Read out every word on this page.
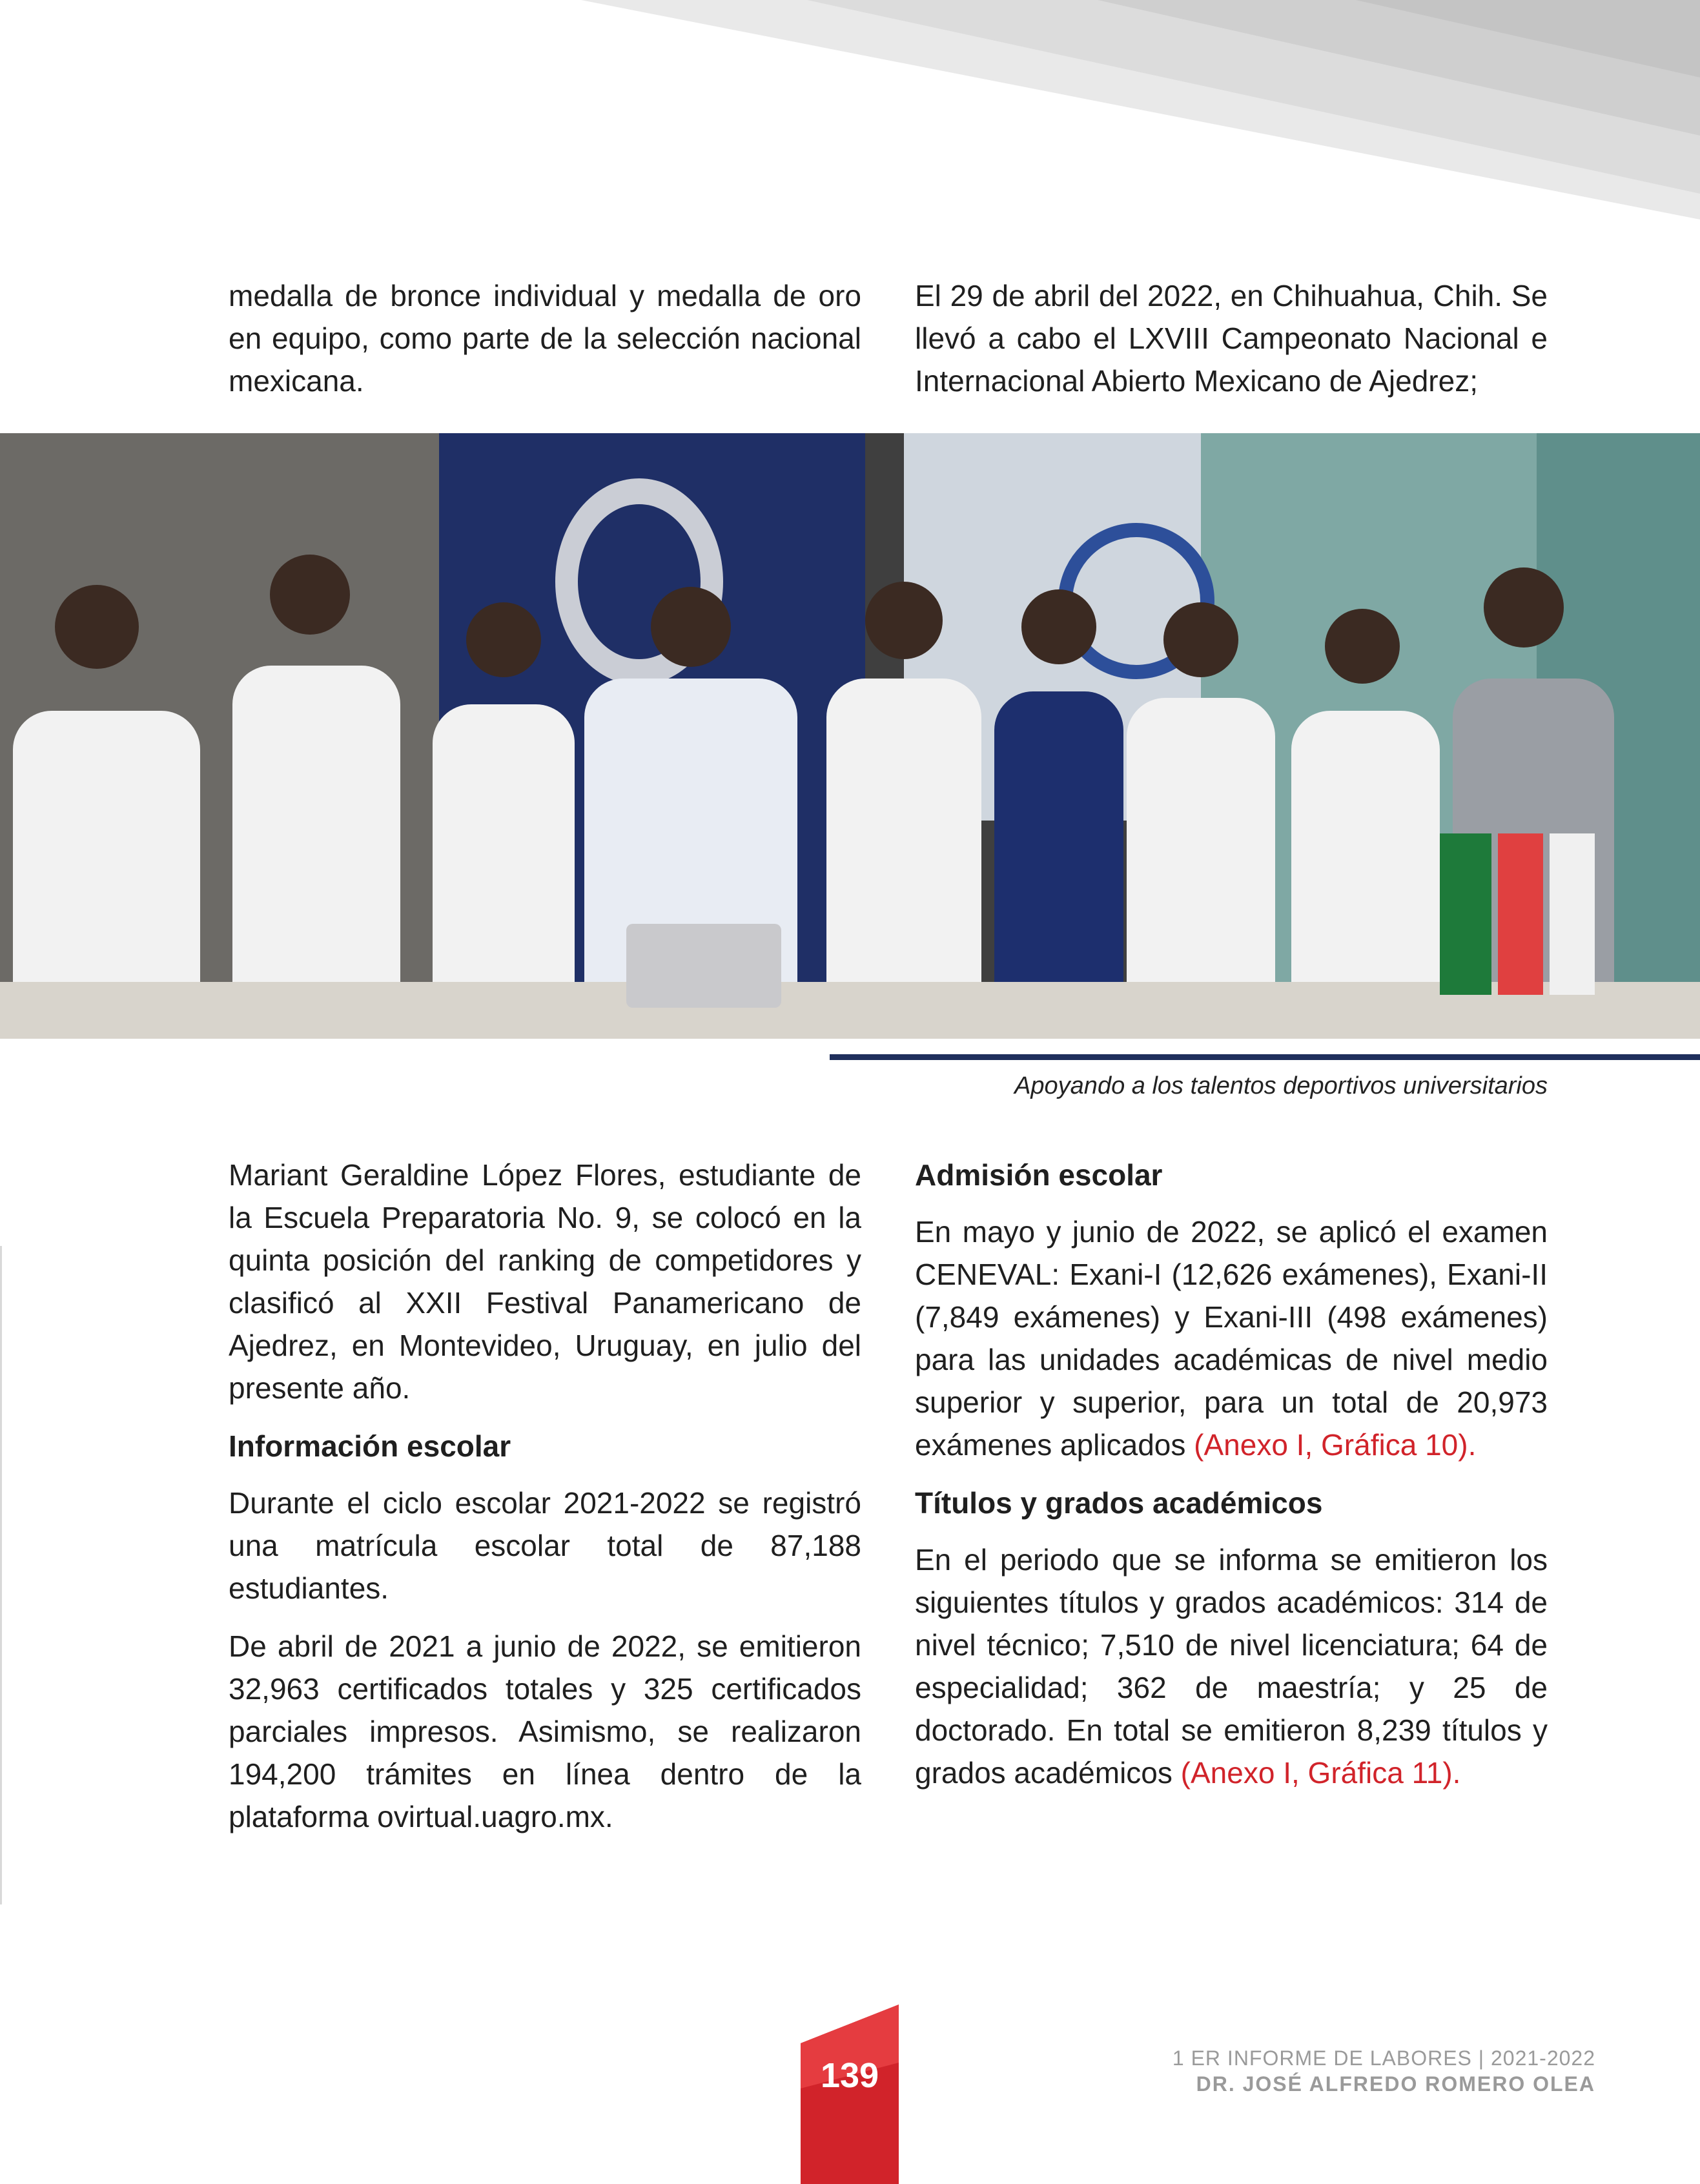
medalla de bronce individual y medalla de oro en equipo, como parte de la selección nacional mexicana.

El 29 de abril del 2022, en Chihuahua, Chih. Se llevó a cabo el LXVIII Campeonato Nacional e Internacional Abierto Mexicano de Ajedrez;

Apoyando a los talentos deportivos universitarios

Mariant Geraldine López Flores, estudiante de la Escuela Preparatoria No. 9, se colocó en la quinta posición del ranking de competidores y clasificó al XXII Festival Panamericano de Ajedrez, en Montevideo, Uruguay, en julio del presente año.

Información escolar

Durante el ciclo escolar 2021-2022 se registró una matrícula escolar total de 87,188 estudiantes.

De abril de 2021 a junio de 2022, se emitieron 32,963 certificados totales y 325 certificados parciales impresos. Asimismo, se realizaron 194,200 trámites en línea dentro de la plataforma ovirtual.uagro.mx.

Admisión escolar

En mayo y junio de 2022, se aplicó el examen CENEVAL: Exani-I (12,626 exámenes), Exani-II (7,849 exámenes) y Exani-III (498 exámenes) para las unidades académicas de nivel medio superior y superior, para un total de 20,973 exámenes aplicados (Anexo I, Gráfica 10).

Títulos y grados académicos

En el periodo que se informa se emitieron los siguientes títulos y grados académicos: 314 de nivel técnico; 7,510 de nivel licenciatura; 64 de especialidad; 362 de maestría; y 25 de doctorado. En total se emitieron 8,239 títulos y grados académicos (Anexo I, Gráfica 11).

139	1 ER INFORME DE LABORES | 2021-2022
DR. JOSÉ ALFREDO ROMERO OLEA
